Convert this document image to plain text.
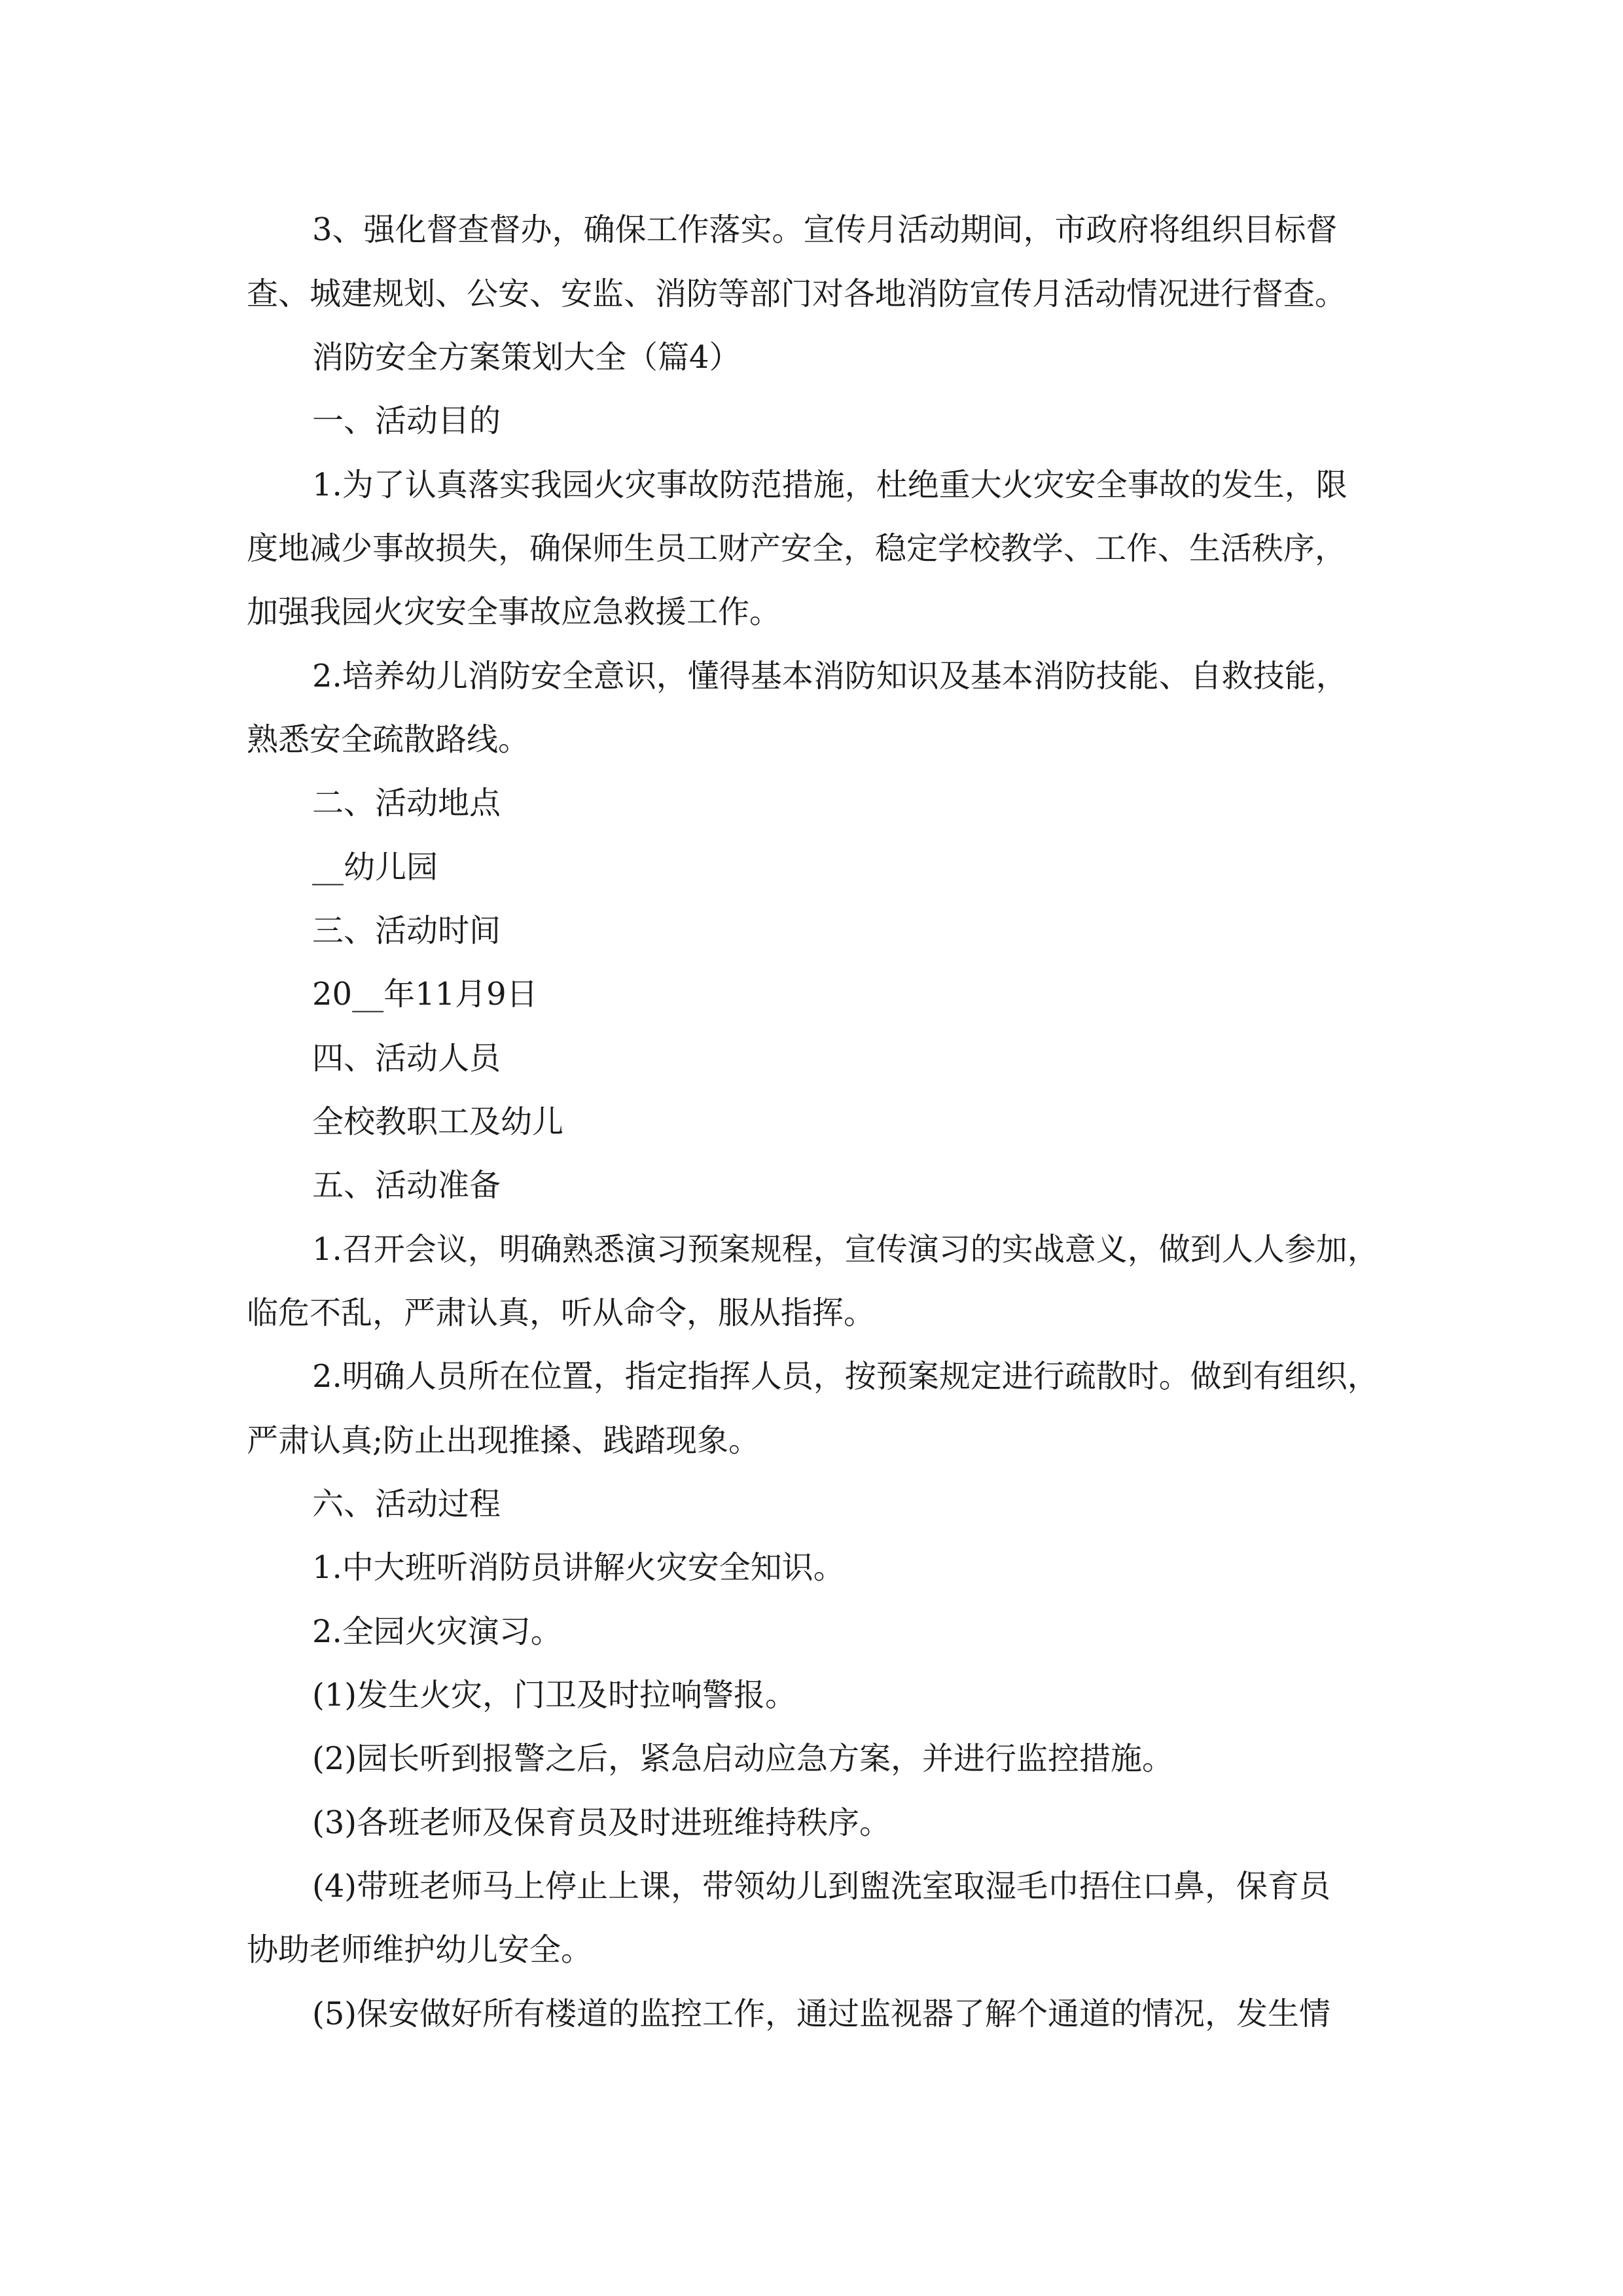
3、强化督查督办，确保工作落实。宣传月活动期间，市政府将组织目标督

查、城建规划、公安、安监、消防等部门对各地消防宣传月活动情况进行督查。

消防安全方案策划大全（篇4）

一、活动目的

1.为了认真落实我园火灾事故防范措施，杜绝重大火灾安全事故的发生，限

度地减少事故损失，确保师生员工财产安全，稳定学校教学、工作、生活秩序，

加强我园火灾安全事故应急救援工作。

2.培养幼儿消防安全意识，懂得基本消防知识及基本消防技能、自救技能，

熟悉安全疏散路线。

二、活动地点

__幼儿园

三、活动时间

20__年11月9日

四、活动人员

全校教职工及幼儿

五、活动准备

1.召开会议，明确熟悉演习预案规程，宣传演习的实战意义，做到人人参加，

临危不乱，严肃认真，听从命令，服从指挥。

2.明确人员所在位置，指定指挥人员，按预案规定进行疏散时。做到有组织，

严肃认真;防止出现推搡、践踏现象。

六、活动过程

1.中大班听消防员讲解火灾安全知识。

2.全园火灾演习。

(1)发生火灾，门卫及时拉响警报。

(2)园长听到报警之后，紧急启动应急方案，并进行监控措施。

(3)各班老师及保育员及时进班维持秩序。

(4)带班老师马上停止上课，带领幼儿到盥洗室取湿毛巾捂住口鼻，保育员

协助老师维护幼儿安全。

(5)保安做好所有楼道的监控工作，通过监视器了解个通道的情况，发生情
